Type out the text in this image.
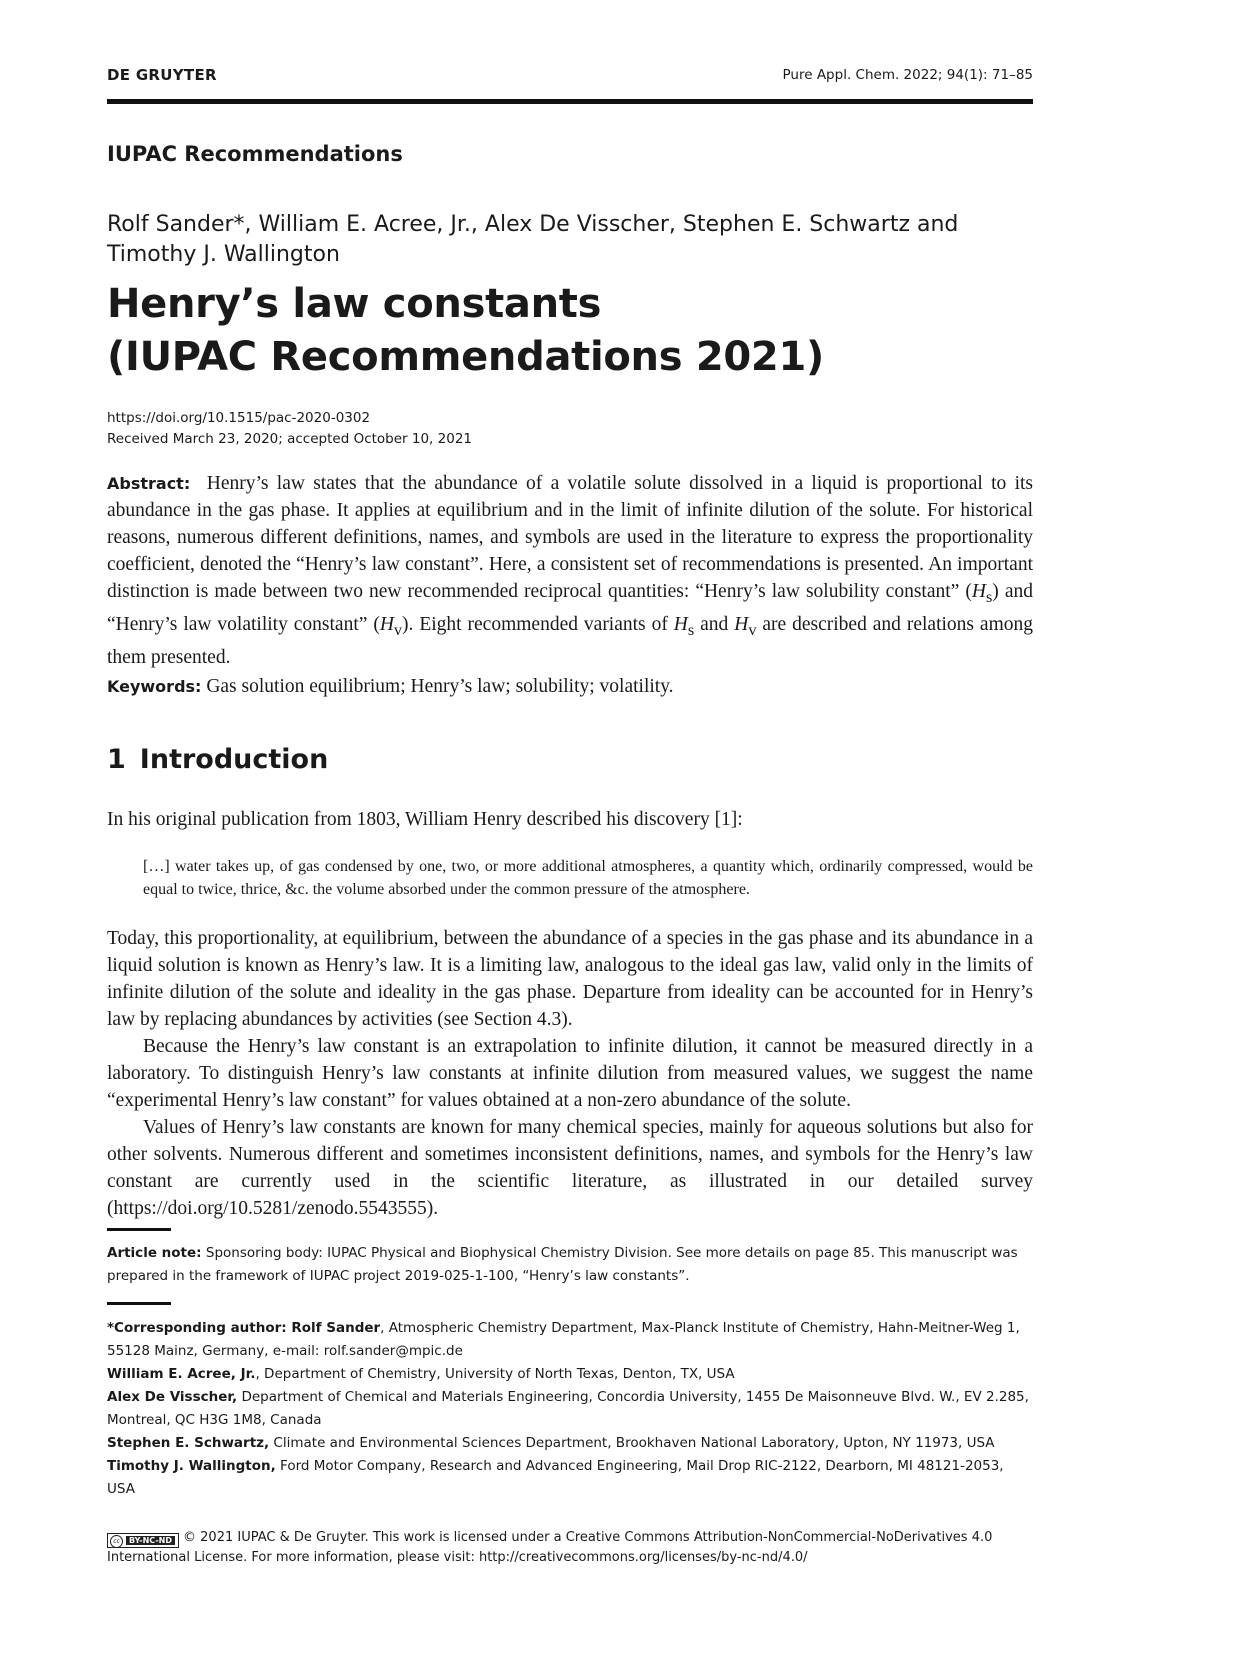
DE GRUYTER	Pure Appl. Chem. 2022; 94(1): 71–85
IUPAC Recommendations
Rolf Sander*, William E. Acree, Jr., Alex De Visscher, Stephen E. Schwartz and
Timothy J. Wallington
Henry’s law constants
(IUPAC Recommendations 2021)
https://doi.org/10.1515/pac-2020-0302
Received March 23, 2020; accepted October 10, 2021
Abstract: Henry’s law states that the abundance of a volatile solute dissolved in a liquid is proportional to its abundance in the gas phase. It applies at equilibrium and in the limit of infinite dilution of the solute. For historical reasons, numerous different definitions, names, and symbols are used in the literature to express the proportionality coefficient, denoted the “Henry’s law constant”. Here, a consistent set of recommendations is presented. An important distinction is made between two new recommended reciprocal quantities: “Henry’s law solubility constant” $(H_s)$ and “Henry’s law volatility constant” $(H_v)$. Eight recommended variants of $H_s$ and $H_v$ are described and relations among them presented.
Keywords: Gas solution equilibrium; Henry’s law; solubility; volatility.
1 Introduction
In his original publication from 1803, William Henry described his discovery [1]:
[…] water takes up, of gas condensed by one, two, or more additional atmospheres, a quantity which, ordinarily compressed, would be equal to twice, thrice, &c. the volume absorbed under the common pressure of the atmosphere.

Today, this proportionality, at equilibrium, between the abundance of a species in the gas phase and its abundance in a liquid solution is known as Henry’s law. It is a limiting law, analogous to the ideal gas law, valid only in the limits of infinite dilution of the solute and ideality in the gas phase. Departure from ideality can be accounted for in Henry’s law by replacing abundances by activities (see Section 4.3).

Because the Henry’s law constant is an extrapolation to infinite dilution, it cannot be measured directly in a laboratory. To distinguish Henry’s law constants at infinite dilution from measured values, we suggest the name “experimental Henry’s law constant” for values obtained at a non-zero abundance of the solute.

Values of Henry’s law constants are known for many chemical species, mainly for aqueous solutions but also for other solvents. Numerous different and sometimes inconsistent definitions, names, and symbols for the Henry’s law constant are currently used in the scientific literature, as illustrated in our detailed survey (https://doi.org/10.5281/zenodo.5543555).

Article note: Sponsoring body: IUPAC Physical and Biophysical Chemistry Division. See more details on page 85. This manuscript was prepared in the framework of IUPAC project 2019-025-1-100, “Henry’s law constants”.

*Corresponding author: Rolf Sander, Atmospheric Chemistry Department, Max-Planck Institute of Chemistry, Hahn-Meitner-Weg 1, 55128 Mainz, Germany, e-mail: rolf.sander@mpic.de

William E. Acree, Jr., Department of Chemistry, University of North Texas, Denton, TX, USA

Alex De Visscher, Department of Chemical and Materials Engineering, Concordia University, 1455 De Maisonneuve Blvd. W., EV 2.285, Montreal, QC H3G 1M8, Canada

Stephen E. Schwartz, Climate and Environmental Sciences Department, Brookhaven National Laboratory, Upton, NY 11973, USA

Timothy J. Wallington, Ford Motor Company, Research and Advanced Engineering, Mail Drop RIC-2122, Dearborn, MI 48121-2053, USA

cc BY-NC-ND © 2021 IUPAC & De Gruyter. This work is licensed under a Creative Commons Attribution-NonCommercial-NoDerivatives 4.0 International License. For more information, please visit: http://creativecommons.org/licenses/by-nc-nd/4.0/
